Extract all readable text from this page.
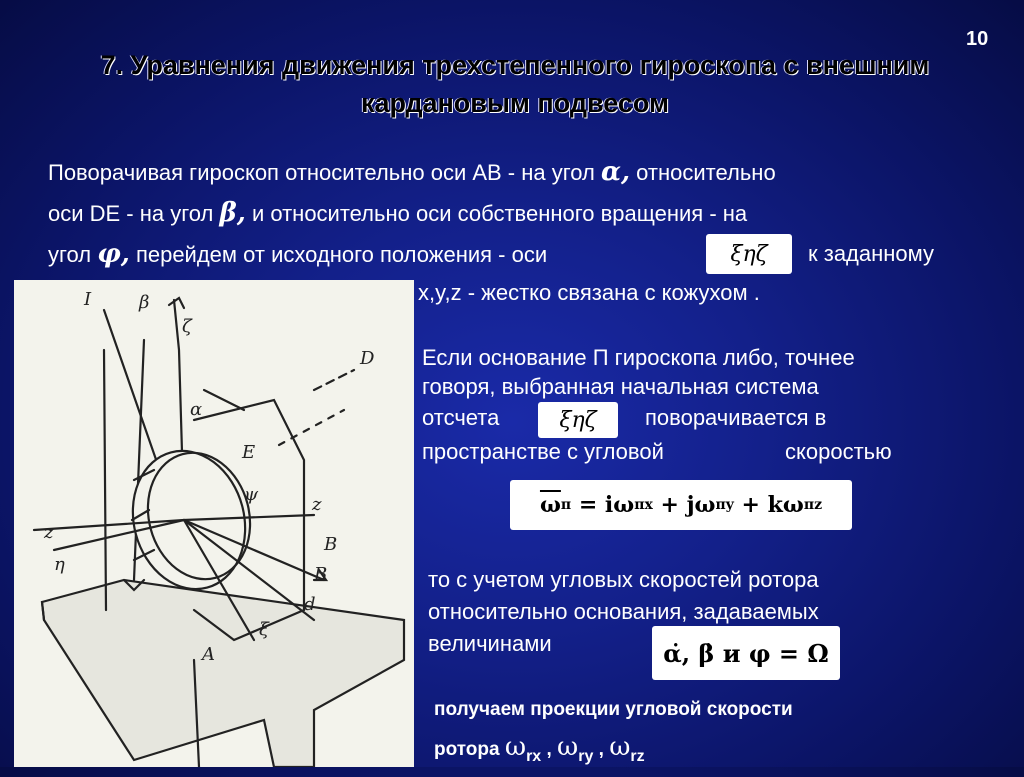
10
7. Уравнения движения трехстепенного гироскопа с внешним кардановым подвесом
Поворачивая гироскоп относительно оси АВ - на угол α, относительно
оси DE - на угол β, и относительно оси собственного вращения - на
угол φ, перейдем от исходного положения - оси	ξηζ	к заданному
x,y,z - жестко связана с кожухом .
I	β
ζ
α
D
E
ψ	z
z
B
B
A
ξ
η
d
Если основание П гироскопа либо, точнее
говоря, выбранная начальная система
отсчета	ξηζ	поворачивается в
пространстве с угловой	скоростью
$\overline{\omega}$ п = iω пx + jω пy + kω пz
то с учетом угловых скоростей ротора
относительно основания, задаваемых
величинами	α̇, β̇ и φ = Ω
получаем проекции угловой скорости
ротора $\omega_{rx}$ , $\omega_{ry}$ , $\omega_{rz}$
